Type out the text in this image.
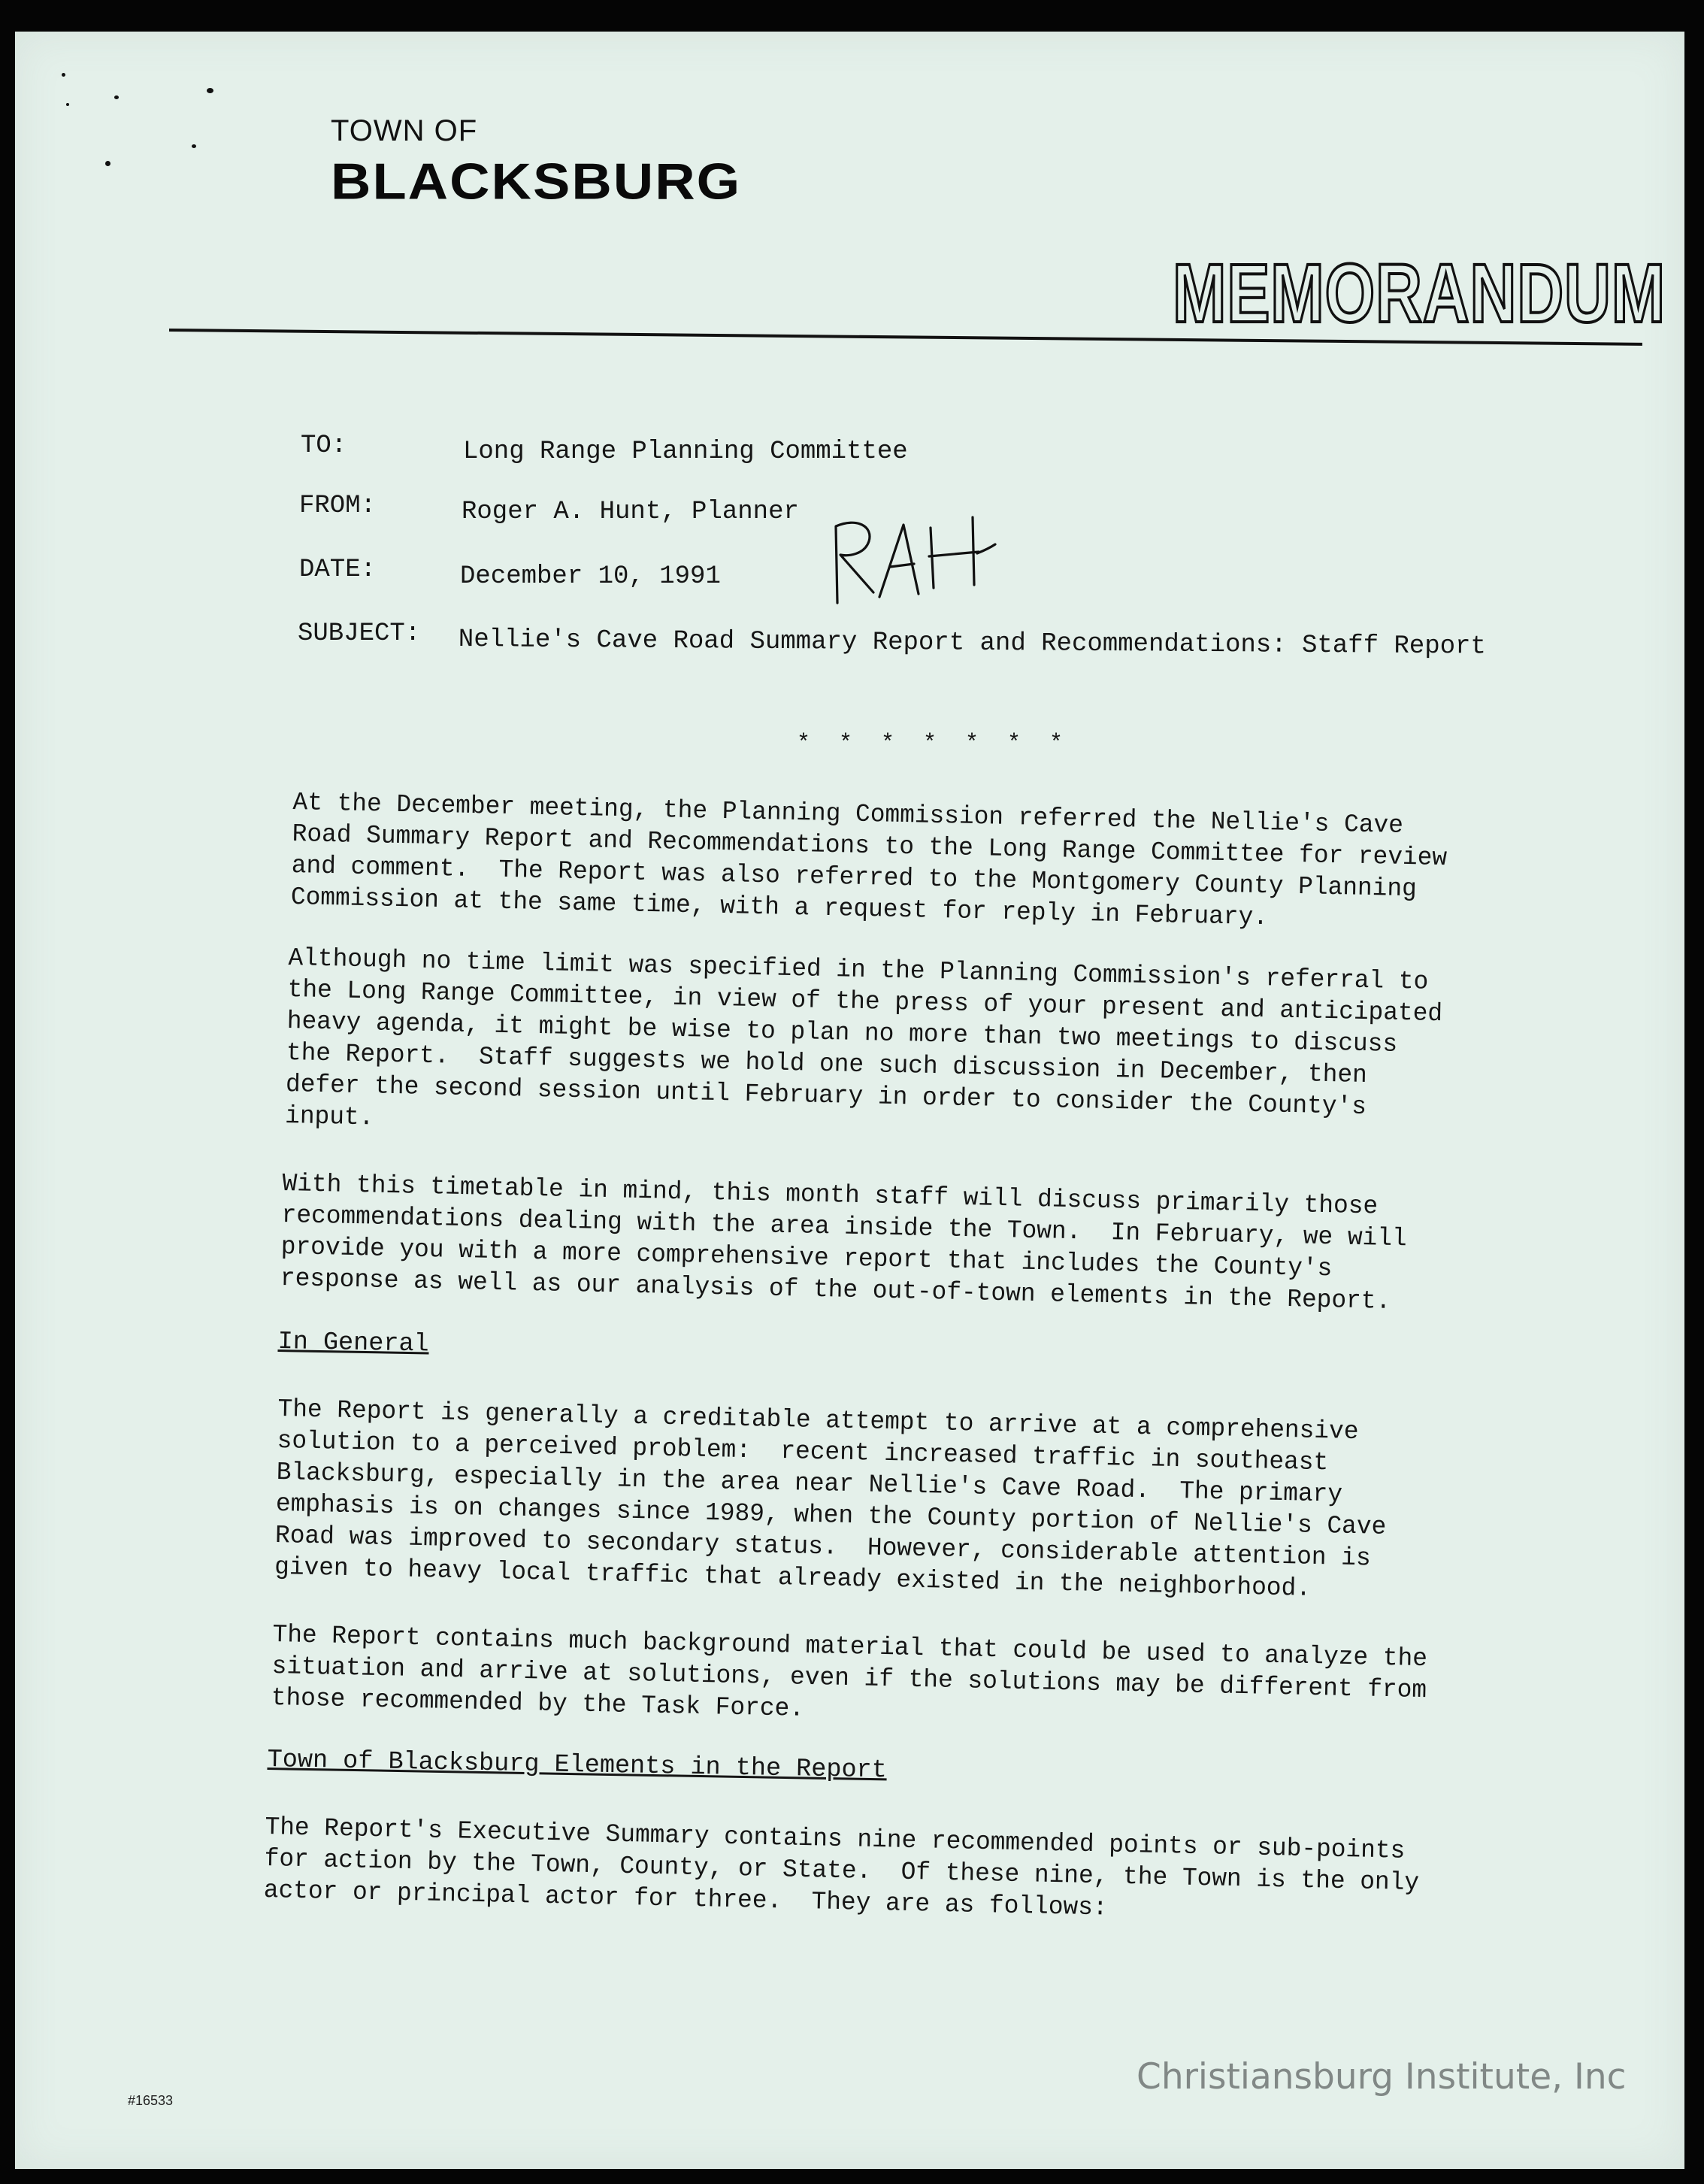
TOWN OF

BLACKSBURG

MEMORANDUM

TO:	Long Range Planning Committee

FROM:	Roger A. Hunt, Planner

DATE:	December 10, 1991

SUBJECT: Nellie's Cave Road Summary Report and Recommendations: Staff Report

* * * * * * *

At the December meeting, the Planning Commission referred the Nellie's Cave
Road Summary Report and Recommendations to the Long Range Committee for review
and comment.  The Report was also referred to the Montgomery County Planning
Commission at the same time, with a request for reply in February.

Although no time limit was specified in the Planning Commission's referral to
the Long Range Committee, in view of the press of your present and anticipated
heavy agenda, it might be wise to plan no more than two meetings to discuss
the Report.  Staff suggests we hold one such discussion in December, then
defer the second session until February in order to consider the County's
input.

With this timetable in mind, this month staff will discuss primarily those
recommendations dealing with the area inside the Town.  In February, we will
provide you with a more comprehensive report that includes the County's
response as well as our analysis of the out-of-town elements in the Report.

In General

The Report is generally a creditable attempt to arrive at a comprehensive
solution to a perceived problem:  recent increased traffic in southeast
Blacksburg, especially in the area near Nellie's Cave Road.  The primary
emphasis is on changes since 1989, when the County portion of Nellie's Cave
Road was improved to secondary status.  However, considerable attention is
given to heavy local traffic that already existed in the neighborhood.

The Report contains much background material that could be used to analyze the
situation and arrive at solutions, even if the solutions may be different from
those recommended by the Task Force.

Town of Blacksburg Elements in the Report

The Report's Executive Summary contains nine recommended points or sub-points
for action by the Town, County, or State.  Of these nine, the Town is the only
actor or principal actor for three.  They are as follows:

#16533

Christiansburg Institute, Inc
